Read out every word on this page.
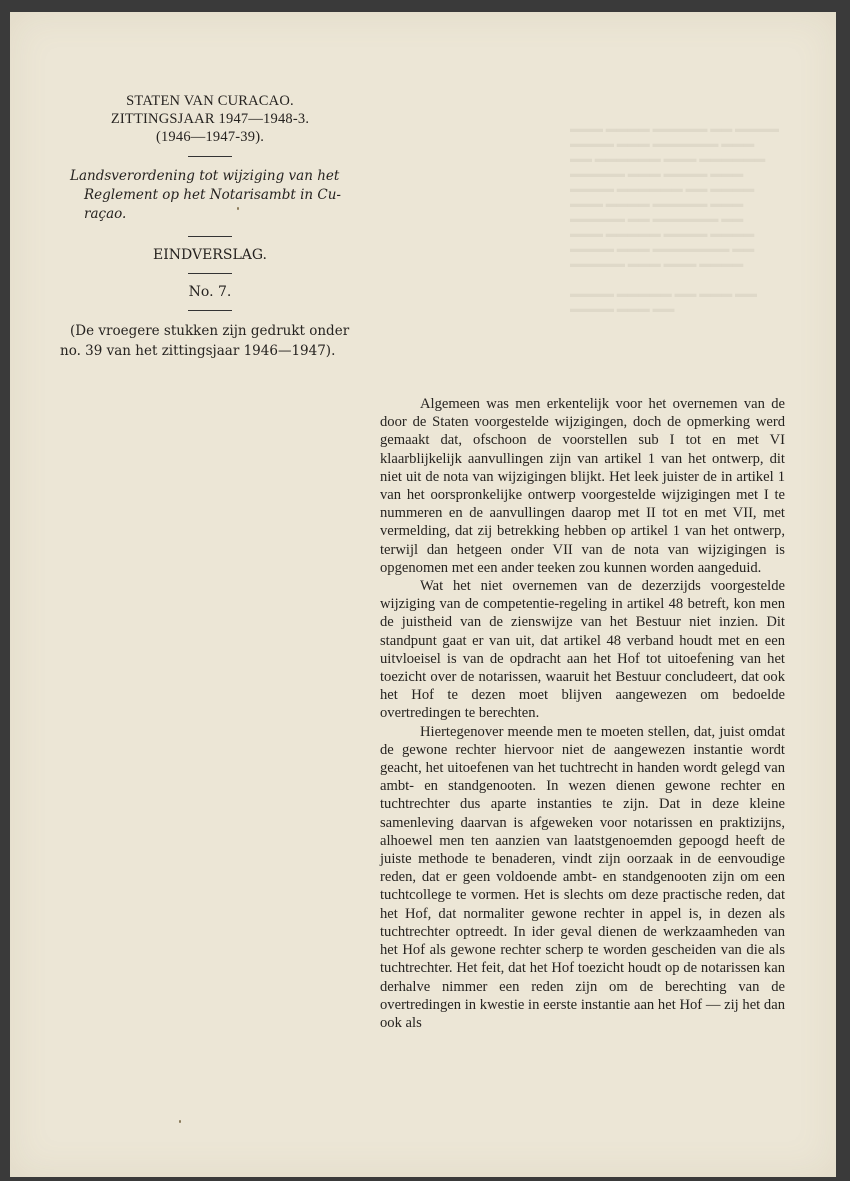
▬▬▬ ▬▬▬▬ ▬▬▬▬▬ ▬▬ ▬▬▬▬
▬▬▬▬ ▬▬▬ ▬▬▬▬▬▬ ▬▬▬
▬▬ ▬▬▬▬▬▬ ▬▬▬ ▬▬▬▬▬▬
▬▬▬▬▬ ▬▬▬ ▬▬▬▬ ▬▬▬
▬▬▬▬ ▬▬▬▬▬▬ ▬▬ ▬▬▬▬
▬▬▬ ▬▬▬▬ ▬▬▬▬▬ ▬▬▬
▬▬▬▬▬ ▬▬ ▬▬▬▬▬▬ ▬▬
▬▬▬ ▬▬▬▬▬ ▬▬▬▬ ▬▬▬▬
▬▬▬▬ ▬▬▬ ▬▬▬▬▬▬▬ ▬▬
▬▬▬▬▬ ▬▬▬ ▬▬▬ ▬▬▬▬

▬▬▬▬ ▬▬▬▬▬ ▬▬ ▬▬▬ ▬▬
▬▬▬▬ ▬▬▬ ▬▬
STATEN VAN CURACAO.
ZITTINGSJAAR 1947—1948-3.
(1946—1947-39).
Landsverordening tot wijziging van het
Reglement op het Notarisambt in Cu-
raçao.
EINDVERSLAG.
No. 7.
(De vroegere stukken zijn gedrukt onder
no. 39 van het zittingsjaar 1946—1947).

Algemeen was men erkentelijk voor het overnemen van de door de Staten voorgestelde wijzigingen, doch de opmerking werd gemaakt dat, ofschoon de voorstellen sub I tot en met VI klaarblijkelijk aanvullingen zijn van artikel 1 van het ontwerp, dit niet uit de nota van wijzigingen blijkt. Het leek juister de in artikel 1 van het oorspronkelijke ontwerp voorgestelde wijzigingen met I te nummeren en de aanvullingen daarop met II tot en met VII, met vermelding, dat zij betrekking hebben op artikel 1 van het ontwerp, terwijl dan hetgeen onder VII van de nota van wijzigingen is opgenomen met een ander teeken zou kunnen worden aangeduid.

Wat het niet overnemen van de dezerzijds voorgestelde wijziging van de competentie-regeling in artikel 48 betreft, kon men de juistheid van de zienswijze van het Bestuur niet inzien. Dit standpunt gaat er van uit, dat artikel 48 verband houdt met en een uitvloeisel is van de opdracht aan het Hof tot uitoefening van het toezicht over de notarissen, waaruit het Bestuur concludeert, dat ook het Hof te dezen moet blijven aangewezen om bedoelde overtredingen te berechten.

Hiertegenover meende men te moeten stellen, dat, juist omdat de gewone rechter hiervoor niet de aangewezen instantie wordt geacht, het uitoefenen van het tuchtrecht in handen wordt gelegd van ambt- en standgenooten. In wezen dienen gewone rechter en tuchtrechter dus aparte instanties te zijn. Dat in deze kleine samenleving daarvan is afgeweken voor notarissen en praktizijns, alhoewel men ten aanzien van laatstgenoemden gepoogd heeft de juiste methode te benaderen, vindt zijn oorzaak in de eenvoudige reden, dat er geen voldoende ambt- en standgenooten zijn om een tuchtcollege te vormen. Het is slechts om deze practische reden, dat het Hof, dat normaliter gewone rechter in appel is, in dezen als tuchtrechter optreedt. In ider geval dienen de werkzaamheden van het Hof als gewone rechter scherp te worden gescheiden van die als tuchtrechter. Het feit, dat het Hof toezicht houdt op de notarissen kan derhalve nimmer een reden zijn om de berechting van de overtredingen in kwestie in eerste instantie aan het Hof — zij het dan ook als
